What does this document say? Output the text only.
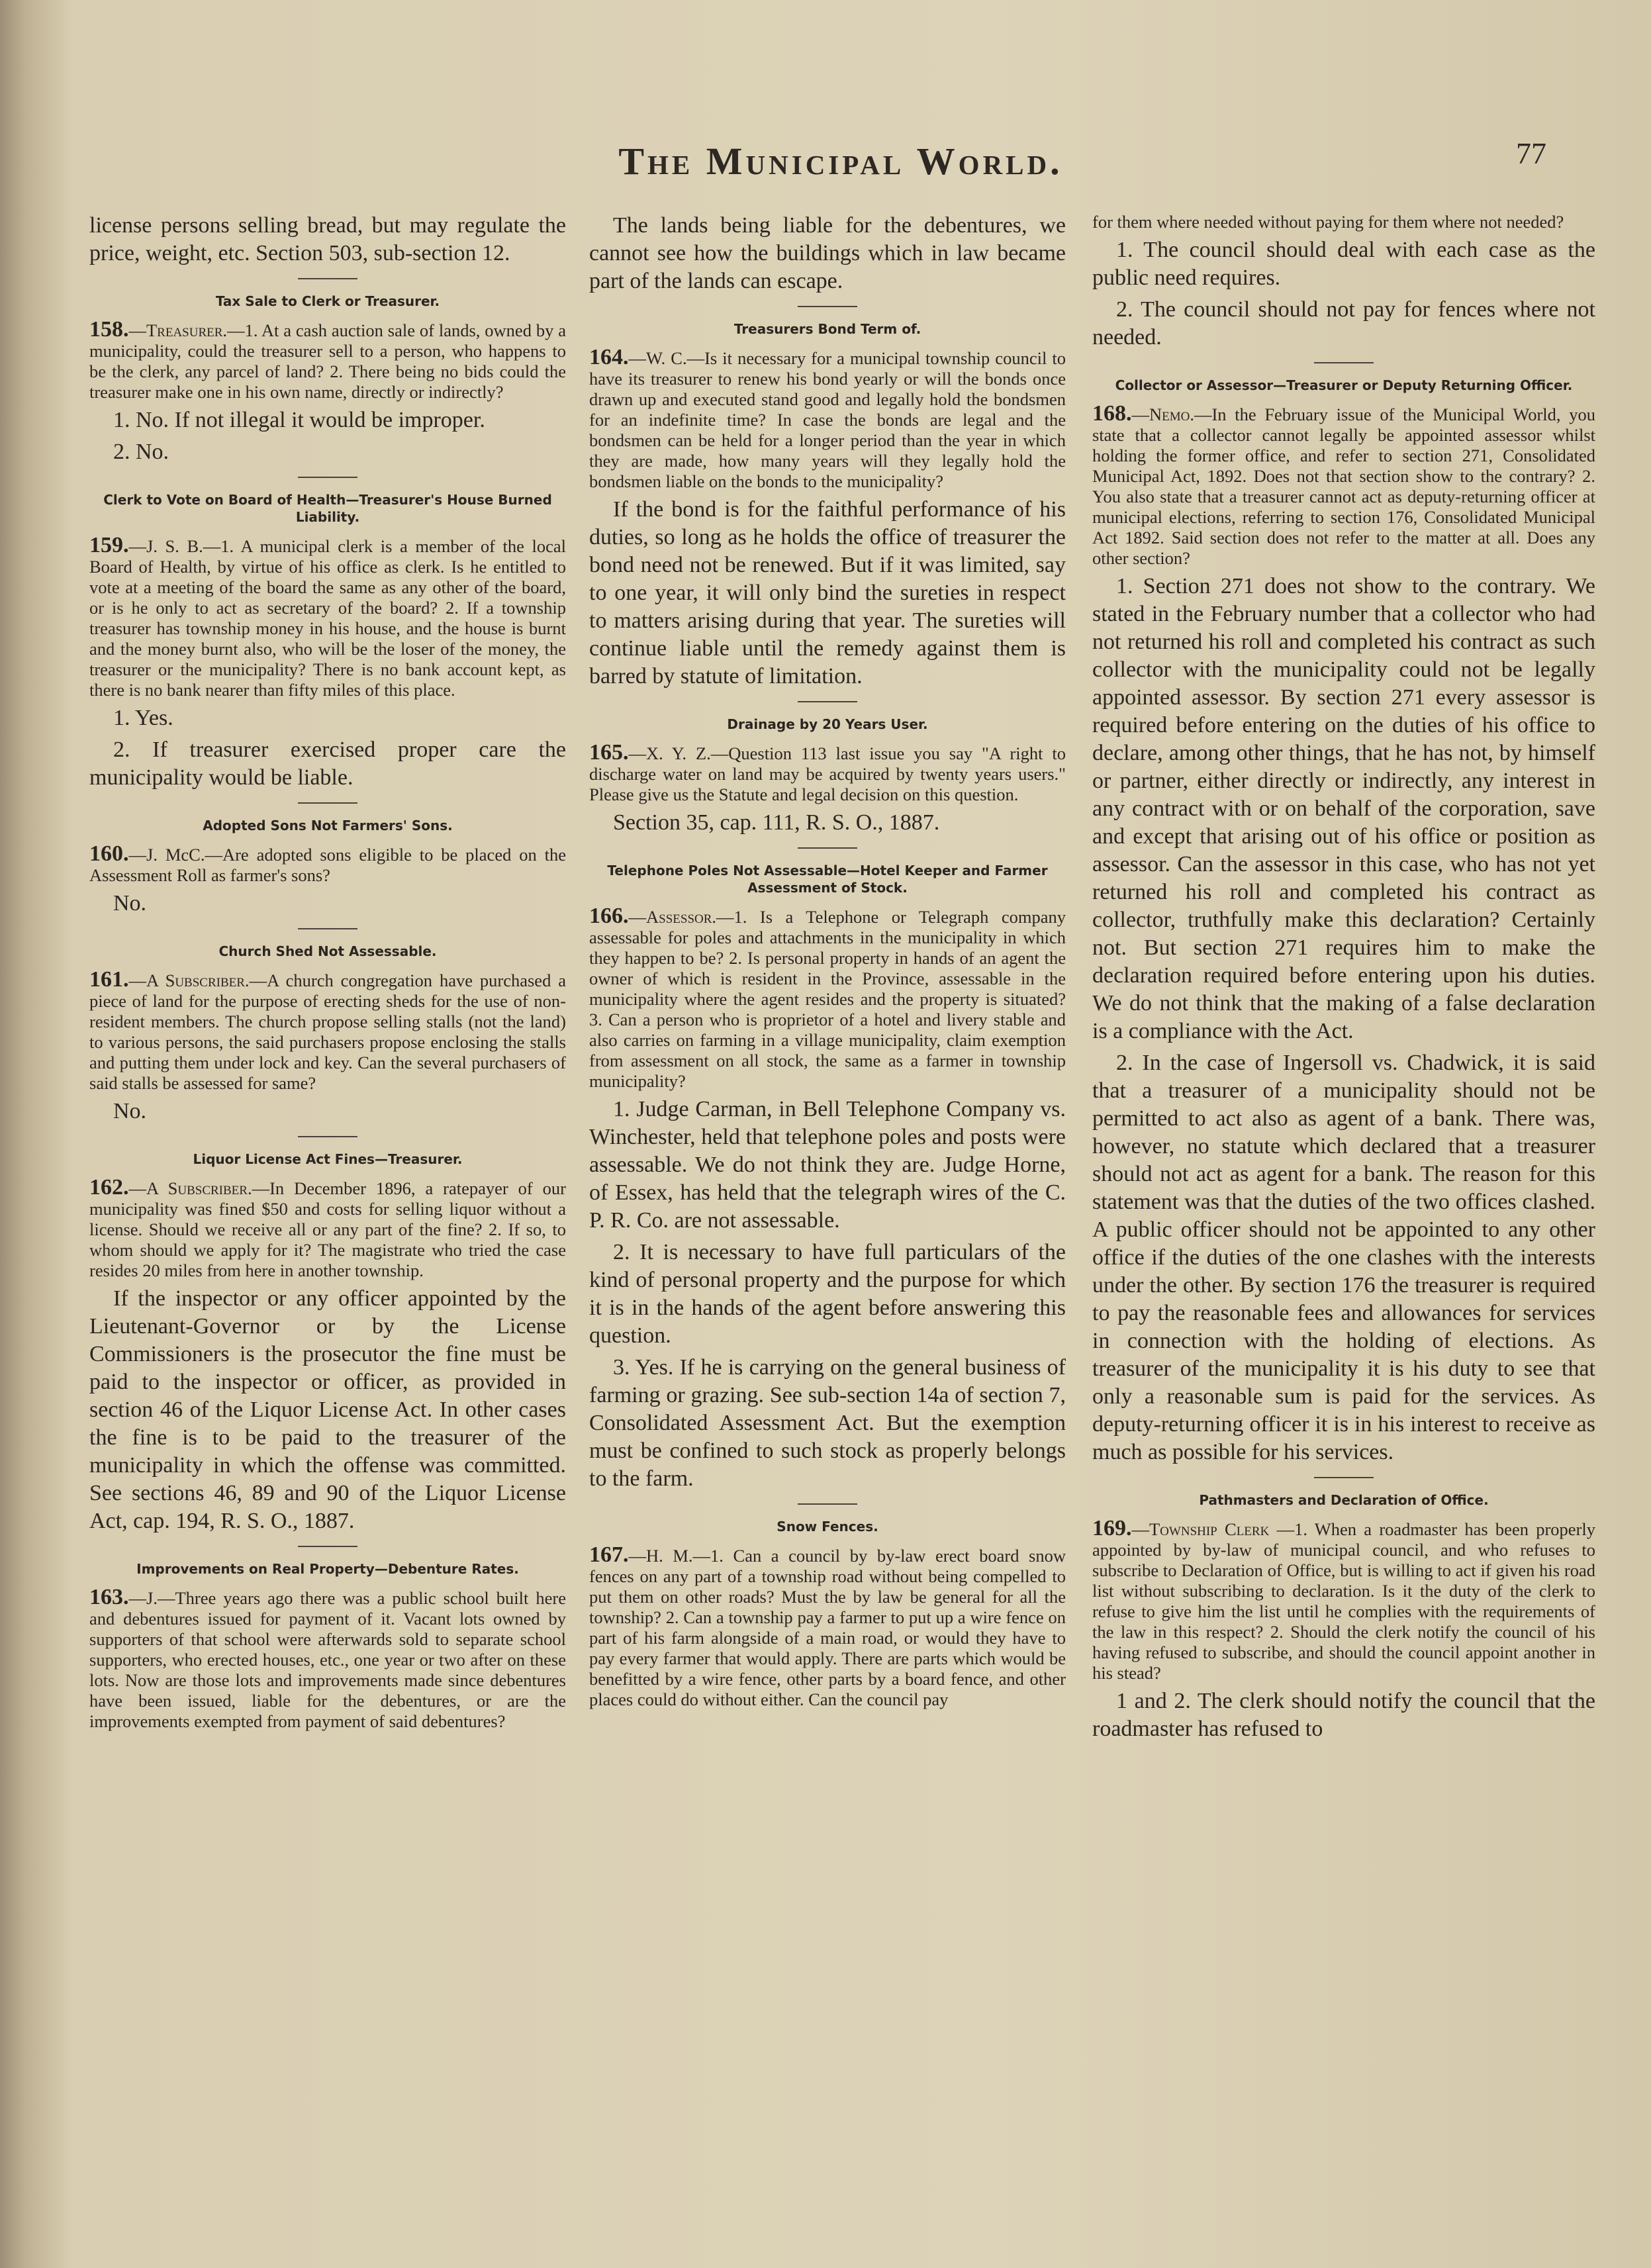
The Municipal World.	77

license persons selling bread, but may regulate the price, weight, etc. Section 503, sub-section 12.

Tax Sale to Clerk or Treasurer.

158.—Treasurer.—1. At a cash auction sale of lands, owned by a municipality, could the treasurer sell to a person, who happens to be the clerk, any parcel of land? 2. There being no bids could the treasurer make one in his own name, directly or indirectly?

1. No. If not illegal it would be improper.

2. No.

Clerk to Vote on Board of Health—Treasurer's House Burned Liability.

159.—J. S. B.—1. A municipal clerk is a member of the local Board of Health, by virtue of his office as clerk. Is he entitled to vote at a meeting of the board the same as any other of the board, or is he only to act as secretary of the board? 2. If a township treasurer has township money in his house, and the house is burnt and the money burnt also, who will be the loser of the money, the treasurer or the municipality? There is no bank account kept, as there is no bank nearer than fifty miles of this place.

1. Yes.

2. If treasurer exercised proper care the municipality would be liable.

Adopted Sons Not Farmers' Sons.

160.—J. McC.—Are adopted sons eligible to be placed on the Assessment Roll as farmer's sons?

No.

Church Shed Not Assessable.

161.—A Subscriber.—A church congregation have purchased a piece of land for the purpose of erecting sheds for the use of non-resident members. The church propose selling stalls (not the land) to various persons, the said purchasers propose enclosing the stalls and putting them under lock and key. Can the several purchasers of said stalls be assessed for same?

No.

Liquor License Act Fines—Treasurer.

162.—A Subscriber.—In December 1896, a ratepayer of our municipality was fined $50 and costs for selling liquor without a license. Should we receive all or any part of the fine? 2. If so, to whom should we apply for it? The magistrate who tried the case resides 20 miles from here in another township.

If the inspector or any officer appointed by the Lieutenant-Governor or by the License Commissioners is the prosecutor the fine must be paid to the inspector or officer, as provided in section 46 of the Liquor License Act. In other cases the fine is to be paid to the treasurer of the municipality in which the offense was committed. See sections 46, 89 and 90 of the Liquor License Act, cap. 194, R. S. O., 1887.

Improvements on Real Property—Debenture Rates.

163.—J.—Three years ago there was a public school built here and debentures issued for payment of it. Vacant lots owned by supporters of that school were afterwards sold to separate school supporters, who erected houses, etc., one year or two after on these lots. Now are those lots and improvements made since debentures have been issued, liable for the debentures, or are the improvements exempted from payment of said debentures?

The lands being liable for the debentures, we cannot see how the buildings which in law became part of the lands can escape.

Treasurers Bond Term of.

164.—W. C.—Is it necessary for a municipal township council to have its treasurer to renew his bond yearly or will the bonds once drawn up and executed stand good and legally hold the bondsmen for an indefinite time? In case the bonds are legal and the bondsmen can be held for a longer period than the year in which they are made, how many years will they legally hold the bondsmen liable on the bonds to the municipality?

If the bond is for the faithful performance of his duties, so long as he holds the office of treasurer the bond need not be renewed. But if it was limited, say to one year, it will only bind the sureties in respect to matters arising during that year. The sureties will continue liable until the remedy against them is barred by statute of limitation.

Drainage by 20 Years User.

165.—X. Y. Z.—Question 113 last issue you say "A right to discharge water on land may be acquired by twenty years users." Please give us the Statute and legal decision on this question.

Section 35, cap. 111, R. S. O., 1887.

Telephone Poles Not Assessable—Hotel Keeper and Farmer Assessment of Stock.

166.—Assessor.—1. Is a Telephone or Telegraph company assessable for poles and attachments in the municipality in which they happen to be? 2. Is personal property in hands of an agent the owner of which is resident in the Province, assessable in the municipality where the agent resides and the property is situated? 3. Can a person who is proprietor of a hotel and livery stable and also carries on farming in a village municipality, claim exemption from assessment on all stock, the same as a farmer in township municipality?

1. Judge Carman, in Bell Telephone Company vs. Winchester, held that telephone poles and posts were assessable. We do not think they are. Judge Horne, of Essex, has held that the telegraph wires of the C. P. R. Co. are not assessable.

2. It is necessary to have full particulars of the kind of personal property and the purpose for which it is in the hands of the agent before answering this question.

3. Yes. If he is carrying on the general business of farming or grazing. See sub-section 14a of section 7, Consolidated Assessment Act. But the exemption must be confined to such stock as properly belongs to the farm.

Snow Fences.

167.—H. M.—1. Can a council by by-law erect board snow fences on any part of a township road without being compelled to put them on other roads? Must the by law be general for all the township? 2. Can a township pay a farmer to put up a wire fence on part of his farm alongside of a main road, or would they have to pay every farmer that would apply. There are parts which would be benefitted by a wire fence, other parts by a board fence, and other places could do without either. Can the council pay

for them where needed without paying for them where not needed?

1. The council should deal with each case as the public need requires.

2. The council should not pay for fences where not needed.

Collector or Assessor—Treasurer or Deputy Returning Officer.

168.—Nemo.—In the February issue of the Municipal World, you state that a collector cannot legally be appointed assessor whilst holding the former office, and refer to section 271, Consolidated Municipal Act, 1892. Does not that section show to the contrary? 2. You also state that a treasurer cannot act as deputy-returning officer at municipal elections, referring to section 176, Consolidated Municipal Act 1892. Said section does not refer to the matter at all. Does any other section?

1. Section 271 does not show to the contrary. We stated in the February number that a collector who had not returned his roll and completed his contract as such collector with the municipality could not be legally appointed assessor. By section 271 every assessor is required before entering on the duties of his office to declare, among other things, that he has not, by himself or partner, either directly or indirectly, any interest in any contract with or on behalf of the corporation, save and except that arising out of his office or position as assessor. Can the assessor in this case, who has not yet returned his roll and completed his contract as collector, truthfully make this declaration? Certainly not. But section 271 requires him to make the declaration required before entering upon his duties. We do not think that the making of a false declaration is a compliance with the Act.

2. In the case of Ingersoll vs. Chadwick, it is said that a treasurer of a municipality should not be permitted to act also as agent of a bank. There was, however, no statute which declared that a treasurer should not act as agent for a bank. The reason for this statement was that the duties of the two offices clashed. A public officer should not be appointed to any other office if the duties of the one clashes with the interests under the other. By section 176 the treasurer is required to pay the reasonable fees and allowances for services in connection with the holding of elections. As treasurer of the municipality it is his duty to see that only a reasonable sum is paid for the services. As deputy-returning officer it is in his interest to receive as much as possible for his services.

Pathmasters and Declaration of Office.

169.—Township Clerk —1. When a roadmaster has been properly appointed by by-law of municipal council, and who refuses to subscribe to Declaration of Office, but is willing to act if given his road list without subscribing to declaration. Is it the duty of the clerk to refuse to give him the list until he complies with the requirements of the law in this respect? 2. Should the clerk notify the council of his having refused to subscribe, and should the council appoint another in his stead?

1 and 2. The clerk should notify the council that the roadmaster has refused to
